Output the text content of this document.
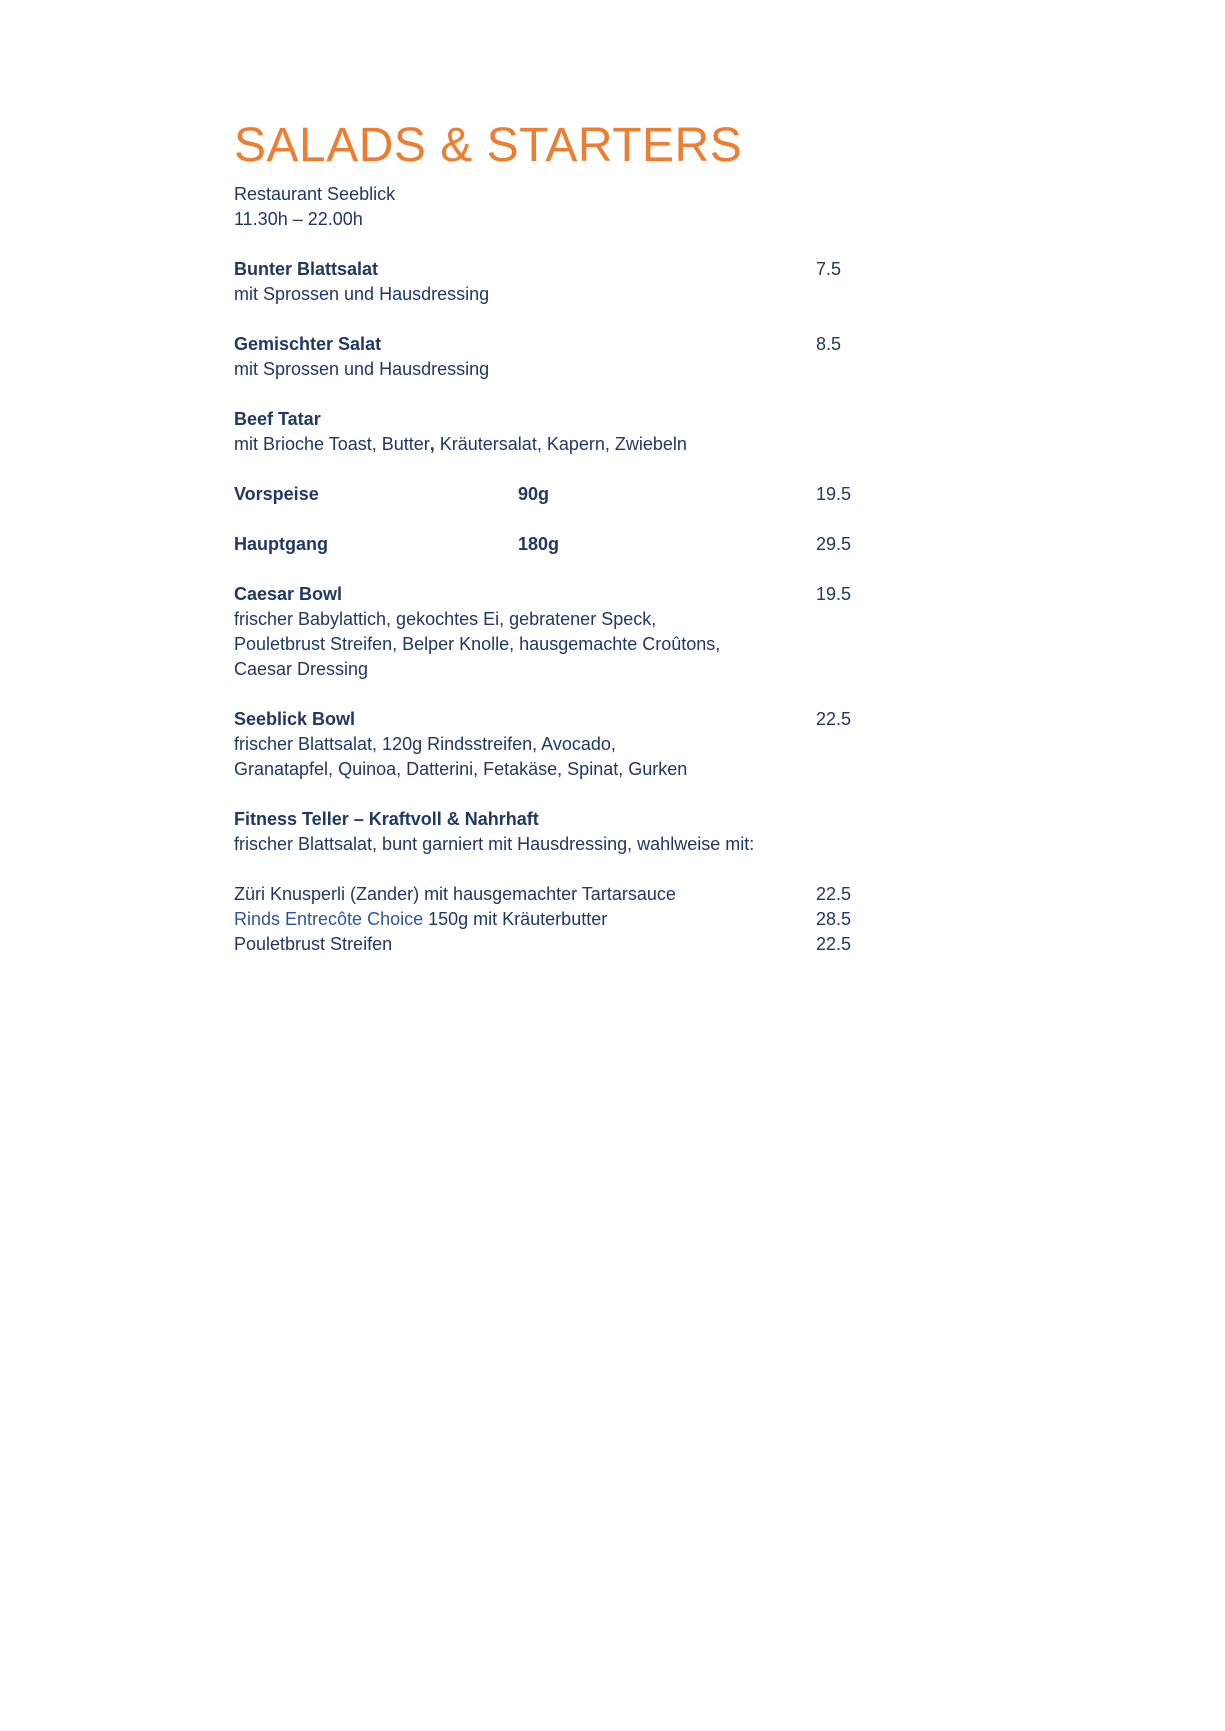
SALADS & STARTERS

Restaurant Seeblick

11.30h – 22.00h

Bunter Blattsalat	7.5

mit Sprossen und Hausdressing

Gemischter Salat	8.5

mit Sprossen und Hausdressing

Beef Tatar

mit Brioche Toast, Butter, Kräutersalat, Kapern, Zwiebeln

Vorspeise	90g	19.5
Hauptgang	180g	29.5
Caesar Bowl	19.5

frischer Babylattich, gekochtes Ei, gebratener Speck,

Pouletbrust Streifen, Belper Knolle, hausgemachte Croûtons,

Caesar Dressing

Seeblick Bowl	22.5

frischer Blattsalat, 120g Rindsstreifen, Avocado,

Granatapfel, Quinoa, Datterini, Fetakäse, Spinat, Gurken

Fitness Teller – Kraftvoll & Nahrhaft

frischer Blattsalat, bunt garniert mit Hausdressing, wahlweise mit:

Züri Knusperli (Zander) mit hausgemachter Tartarsauce	22.5
Rinds Entrecôte Choice 150g mit Kräuterbutter	28.5
Pouletbrust Streifen	22.5
